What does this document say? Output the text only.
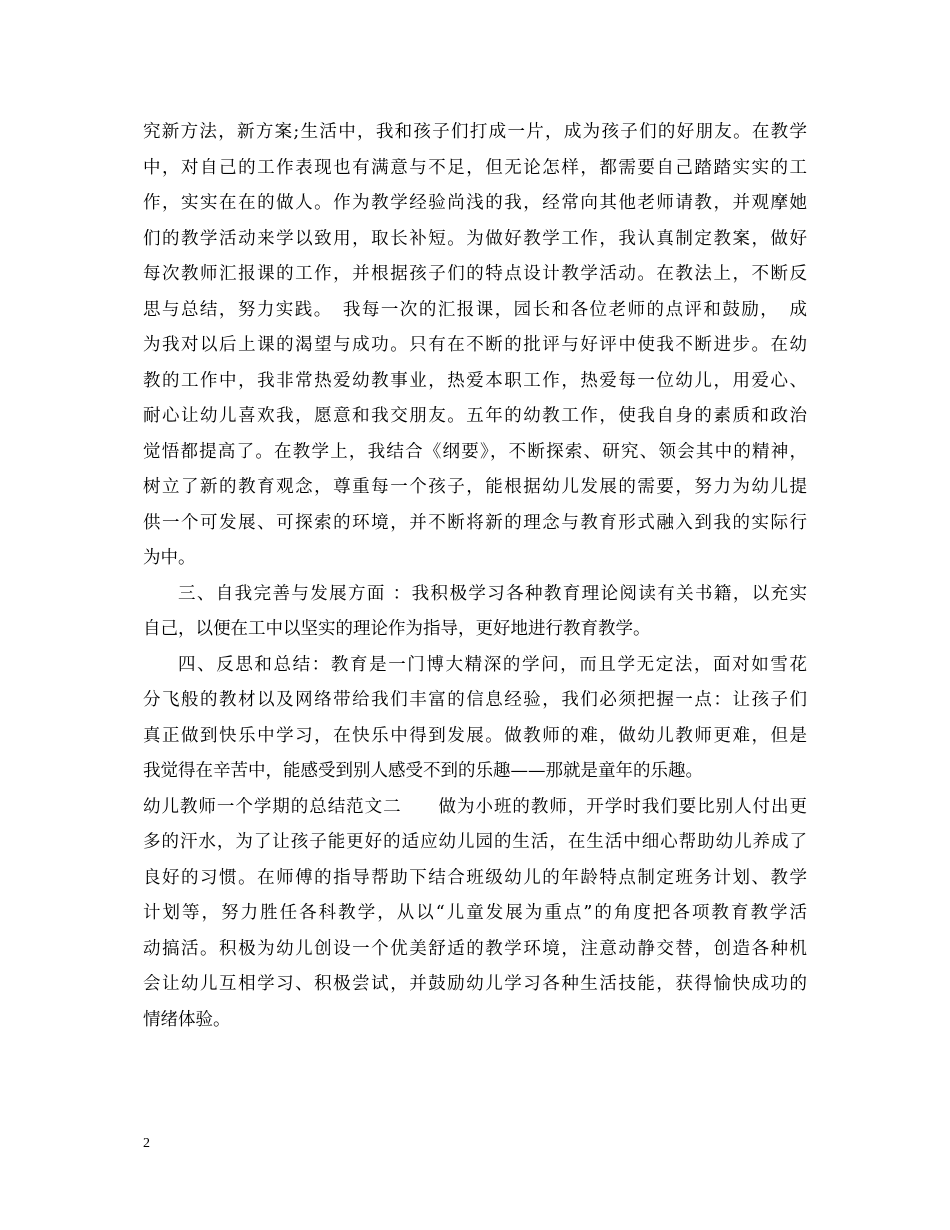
究新方法，新方案;生活中，我和孩子们打成一片，成为孩子们的好朋友。在教学
中，对自己的工作表现也有满意与不足，但无论怎样，都需要自己踏踏实实的工
作，实实在在的做人。作为教学经验尚浅的我，经常向其他老师请教，并观摩她
们的教学活动来学以致用，取长补短。为做好教学工作，我认真制定教案，做好
每次教师汇报课的工作，并根据孩子们的特点设计教学活动。在教法上，不断反
思与总结，努力实践。　我每一次的汇报课，园长和各位老师的点评和鼓励，　成
为我对以后上课的渴望与成功。只有在不断的批评与好评中使我不断进步。在幼
教的工作中，我非常热爱幼教事业，热爱本职工作，热爱每一位幼儿，用爱心、
耐心让幼儿喜欢我，愿意和我交朋友。五年的幼教工作，使我自身的素质和政治
觉悟都提高了。在教学上，我结合《纲要》，不断探索、研究、领会其中的精神，
树立了新的教育观念，尊重每一个孩子，能根据幼儿发展的需要，努力为幼儿提
供一个可发展、可探索的环境，并不断将新的理念与教育形式融入到我的实际行
为中。
三、自我完善与发展方面 ：我积极学习各种教育理论阅读有关书籍，以充实
自己，以便在工中以坚实的理论作为指导，更好地进行教育教学。
四、反思和总结：教育是一门博大精深的学问，而且学无定法，面对如雪花
分飞般的教材以及网络带给我们丰富的信息经验，我们必须把握一点：让孩子们
真正做到快乐中学习，在快乐中得到发展。做教师的难，做幼儿教师更难，但是
我觉得在辛苦中，能感受到别人感受不到的乐趣——那就是童年的乐趣。
幼儿教师一个学期的总结范文二　　做为小班的教师，开学时我们要比别人付出更
多的汗水，为了让孩子能更好的适应幼儿园的生活，在生活中细心帮助幼儿养成了
良好的习惯。在师傅的指导帮助下结合班级幼儿的年龄特点制定班务计划、教学
计划等，努力胜任各科教学，从以“儿童发展为重点”的角度把各项教育教学活
动搞活。积极为幼儿创设一个优美舒适的教学环境，注意动静交替，创造各种机
会让幼儿互相学习、积极尝试，并鼓励幼儿学习各种生活技能，获得愉快成功的
情绪体验。
2
